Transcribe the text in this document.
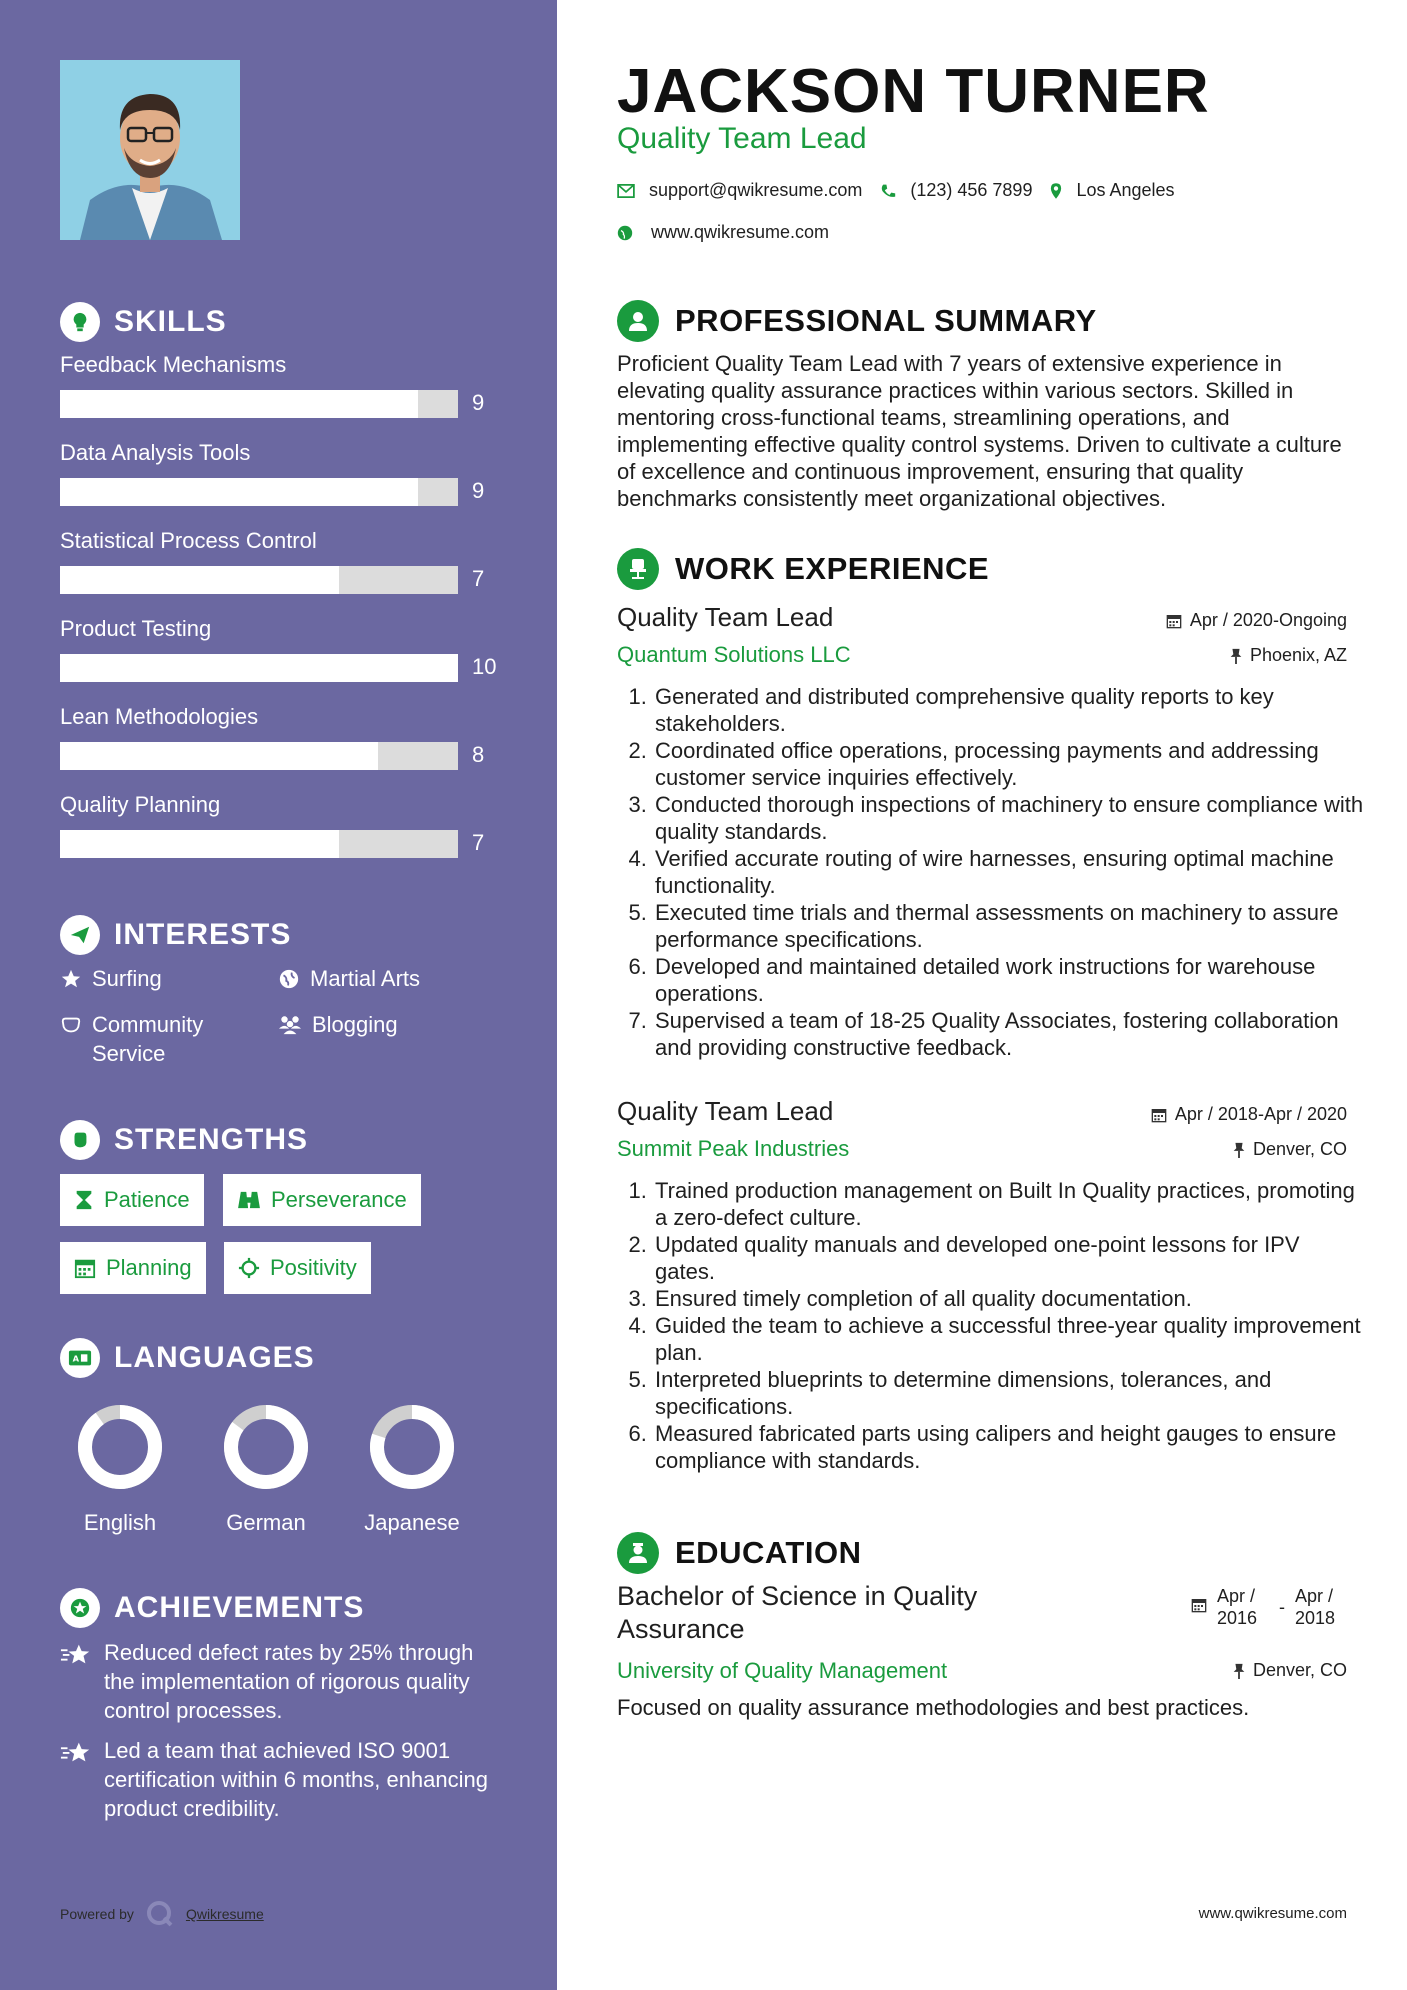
SKILLS
INTERESTS
Surfing	Martial Arts
Community Service
Blogging
STRENGTHS
Patience	Perseverance
Planning	Positivity
A LANGUAGES
ACHIEVEMENTS
Reduced defect rates by 25% through the implementation of rigorous quality control processes.
Led a team that achieved ISO 9001 certification within 6 months, enhancing product credibility.
Powered by	Qwikresume
Feedback Mechanisms
9
Data Analysis Tools
9
Statistical Process Control
7
Product Testing
10
Lean Methodologies
8
Quality Planning
7
English	German	Japanese
JACKSON TURNER
Quality Team Lead
support@qwikresume.com	(123) 456 7899 Los Angeles
www.qwikresume.com
PROFESSIONAL SUMMARY
Proficient Quality Team Lead with 7 years of extensive experience in elevating quality assurance practices within various sectors. Skilled in mentoring cross-functional teams, streamlining operations, and implementing effective quality control systems. Driven to cultivate a culture of excellence and continuous improvement, ensuring that quality benchmarks consistently meet organizational objectives.
WORK EXPERIENCE
Quality Team Lead	Apr / 2020-Ongoing
Quantum Solutions LLC	Phoenix, AZ
1. Generated and distributed comprehensive quality reports to key stakeholders.
2. Coordinated office operations, processing payments and addressing customer service inquiries effectively.
3. Conducted thorough inspections of machinery to ensure compliance with quality standards.
4. Verified accurate routing of wire harnesses, ensuring optimal machine functionality.
5. Executed time trials and thermal assessments on machinery to assure performance specifications.
6. Developed and maintained detailed work instructions for warehouse operations.
7. Supervised a team of 18-25 Quality Associates, fostering collaboration and providing constructive feedback.
Quality Team Lead	Apr / 2018-Apr / 2020
Summit Peak Industries	Denver, CO
1. Trained production management on Built In Quality practices, promoting a zero-defect culture.
2. Updated quality manuals and developed one-point lessons for IPV gates.
3. Ensured timely completion of all quality documentation.
4. Guided the team to achieve a successful three-year quality improvement plan.
5. Interpreted blueprints to determine dimensions, tolerances, and specifications.
6. Measured fabricated parts using calipers and height gauges to ensure compliance with standards.
EDUCATION
Bachelor of Science in Quality Assurance
Apr /
2016
-
Apr /
2018
University of Quality Management	Denver, CO
Focused on quality assurance methodologies and best practices.
www.qwikresume.com
